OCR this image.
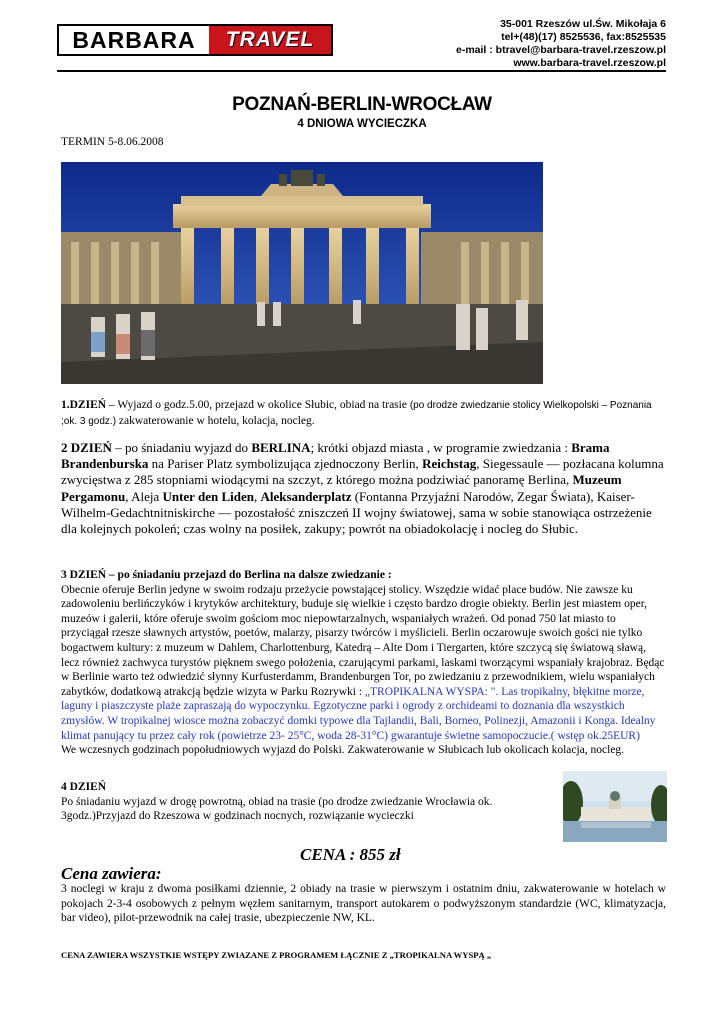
BARBARA	TRAVEL
35-001 Rzeszów ul.Św. Mikołaja 6
tel+(48)(17) 8525536, fax:8525535
e-mail : btravel@barbara-travel.rzeszow.pl
www.barbara-travel.rzeszow.pl
POZNAŃ-BERLIN-WROCŁAW
4 DNIOWA WYCIECZKA
TERMIN 5-8.06.2008
1.DZIEŃ – Wyjazd o godz.5.00, przejazd w okolice Słubic, obiad na trasie (po drodze zwiedzanie stolicy Wielkopolski – Poznania ;ok. 3 godz.) zakwaterowanie w hotelu, kolacja, nocleg.
2 DZIEŃ – po śniadaniu wyjazd do BERLINA; krótki objazd miasta , w programie zwiedzania : Brama Brandenburska na Pariser Platz symbolizująca zjednoczony Berlin, Reichstag, Siegessaule — pozłacana kolumna zwycięstwa z 285 stopniami wiodącymi na szczyt, z którego można podziwiać panoramę Berlina, Muzeum Pergamonu, Aleja Unter den Liden, Aleksanderplatz (Fontanna Przyjaźni Narodów, Zegar Świata), Kaiser-Wilhelm-Gedachtnitniskirche — pozostałość zniszczeń II wojny światowej, sama w sobie stanowiąca ostrzeżenie dla kolejnych pokoleń; czas wolny na posiłek, zakupy; powrót na obiadokolację i nocleg do Słubic.
3 DZIEŃ – po śniadaniu przejazd do Berlina na dalsze zwiedzanie :
Obecnie oferuje Berlin jedyne w swoim rodzaju przeżycie powstającej stolicy. Wszędzie widać place budów. Nie zawsze ku zadowoleniu berlińczyków i krytyków architektury, buduje się wielkie i często bardzo drogie obiekty. Berlin jest miastem oper, muzeów i galerii, które oferuje swoim gościom moc niepowtarzalnych, wspaniałych wrażeń. Od ponad 750 lat miasto to przyciągał rzesze sławnych artystów, poetów, malarzy, pisarzy twórców i myślicieli. Berlin oczarowuje swoich gości nie tylko bogactwem kultury: z muzeum w Dahlem, Charlottenburg, Katedrą – Alte Dom i Tiergarten, które szczycą się światową sławą, lecz również zachwyca turystów pięknem swego położenia, czarującymi parkami, laskami tworzącymi wspaniały krajobraz. Będąc w Berlinie warto też odwiedzić słynny Kurfusterdamm, Brandenburgen Tor, po zwiedzaniu z przewodnikiem, wielu wspaniałych zabytków, dodatkową atrakcją będzie wizyta w Parku Rozrywki : „TROPIKALNA WYSPA: ". Las tropikalny, błękitne morze, laguny i piaszczyste plaże zapraszają do wypoczynku. Egzotyczne parki i ogrody z orchideami to doznania dla wszystkich zmysłów. W tropikalnej wiosce można zobaczyć domki typowe dla Tajlandii, Bali, Borneo, Polinezji, Amazonii i Konga. Idealny klimat panujący tu przez cały rok (powietrze 23- 25°C, woda 28-31°C) gwarantuje świetne samopoczucie.( wstęp ok.25EUR)
We wczesnych godzinach popołudniowych wyjazd do Polski. Zakwaterowanie w Słubicach lub okolicach kolacja, nocleg.
4 DZIEŃ
Po śniadaniu wyjazd w drogę powrotną, obiad na trasie (po drodze zwiedzanie Wrocławia ok. 3godz.)Przyjazd do Rzeszowa w godzinach nocnych, rozwiązanie wycieczki
CENA : 855 zł
Cena zawiera:
3 noclegi w kraju z dwoma posiłkami dziennie, 2 obiady na trasie w pierwszym i ostatnim dniu, zakwaterowanie w hotelach w pokojach 2-3-4 osobowych z pełnym węzłem sanitarnym, transport autokarem o podwyższonym standardzie (WC, klimatyzacja, bar video), pilot-przewodnik na całej trasie, ubezpieczenie NW, KL.
CENA ZAWIERA WSZYSTKIE WSTĘPY ZWIAZANE Z PROGRAMEM ŁĄCZNIE Z „TROPIKALNA WYSPĄ „
